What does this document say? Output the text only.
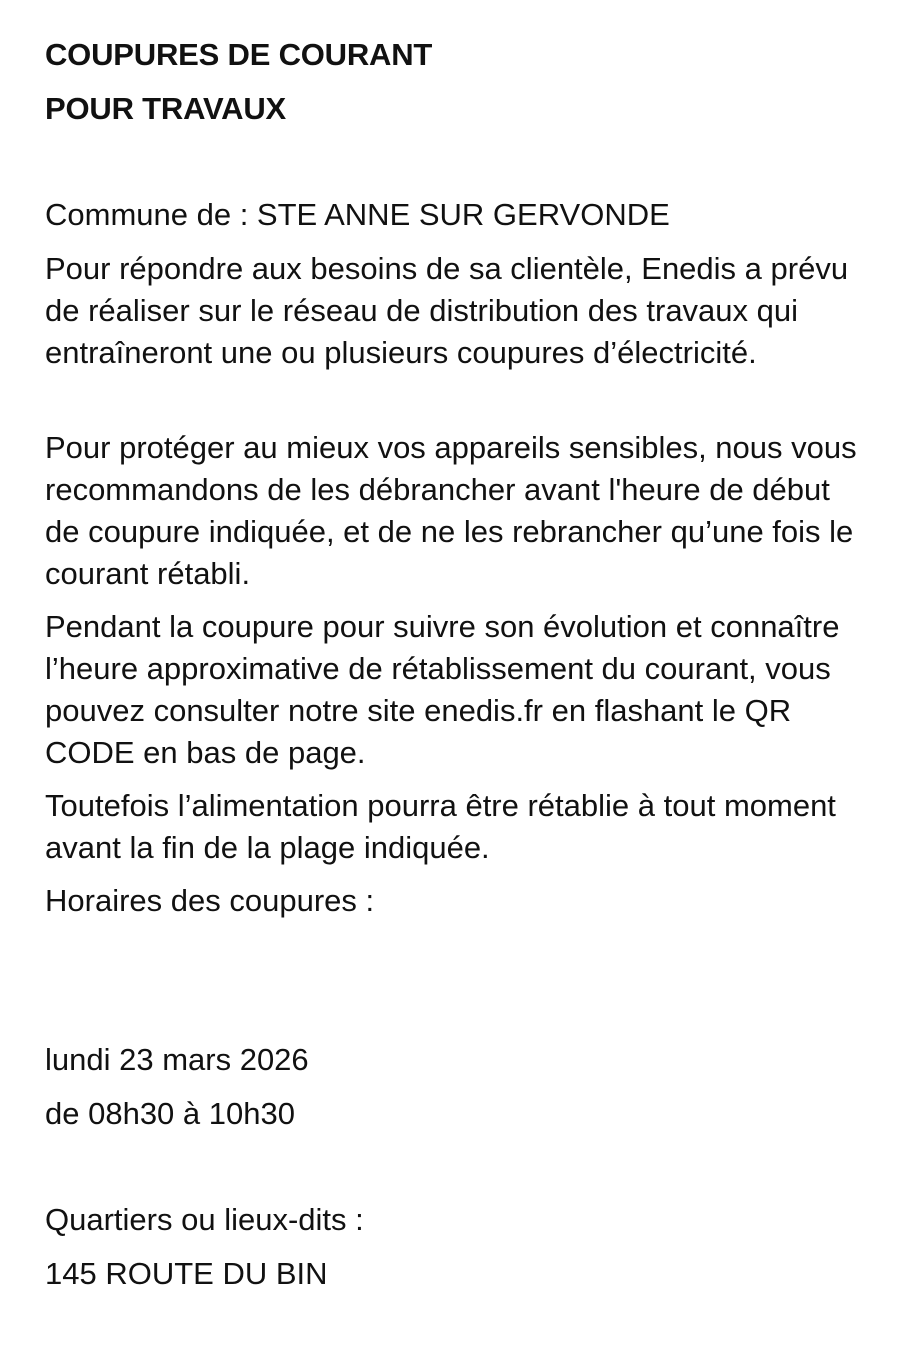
COUPURES DE COURANT
POUR TRAVAUX

Commune de : STE ANNE SUR GERVONDE

Pour répondre aux besoins de sa clientèle, Enedis a prévu de réaliser sur le réseau de distribution des travaux qui entraîneront une ou plusieurs coupures d’électricité.

Pour protéger au mieux vos appareils sensibles, nous vous recommandons de les débrancher avant l'heure de début de coupure indiquée, et de ne les rebrancher qu’une fois le courant rétabli.

Pendant la coupure pour suivre son évolution et connaître l’heure approximative de rétablissement du courant, vous pouvez consulter notre site enedis.fr en flashant le QR CODE en bas de page.

Toutefois l’alimentation pourra être rétablie à tout moment avant la fin de la plage indiquée.

Horaires des coupures :

lundi 23 mars 2026

de 08h30 à 10h30

Quartiers ou lieux-dits :

145 ROUTE DU BIN
